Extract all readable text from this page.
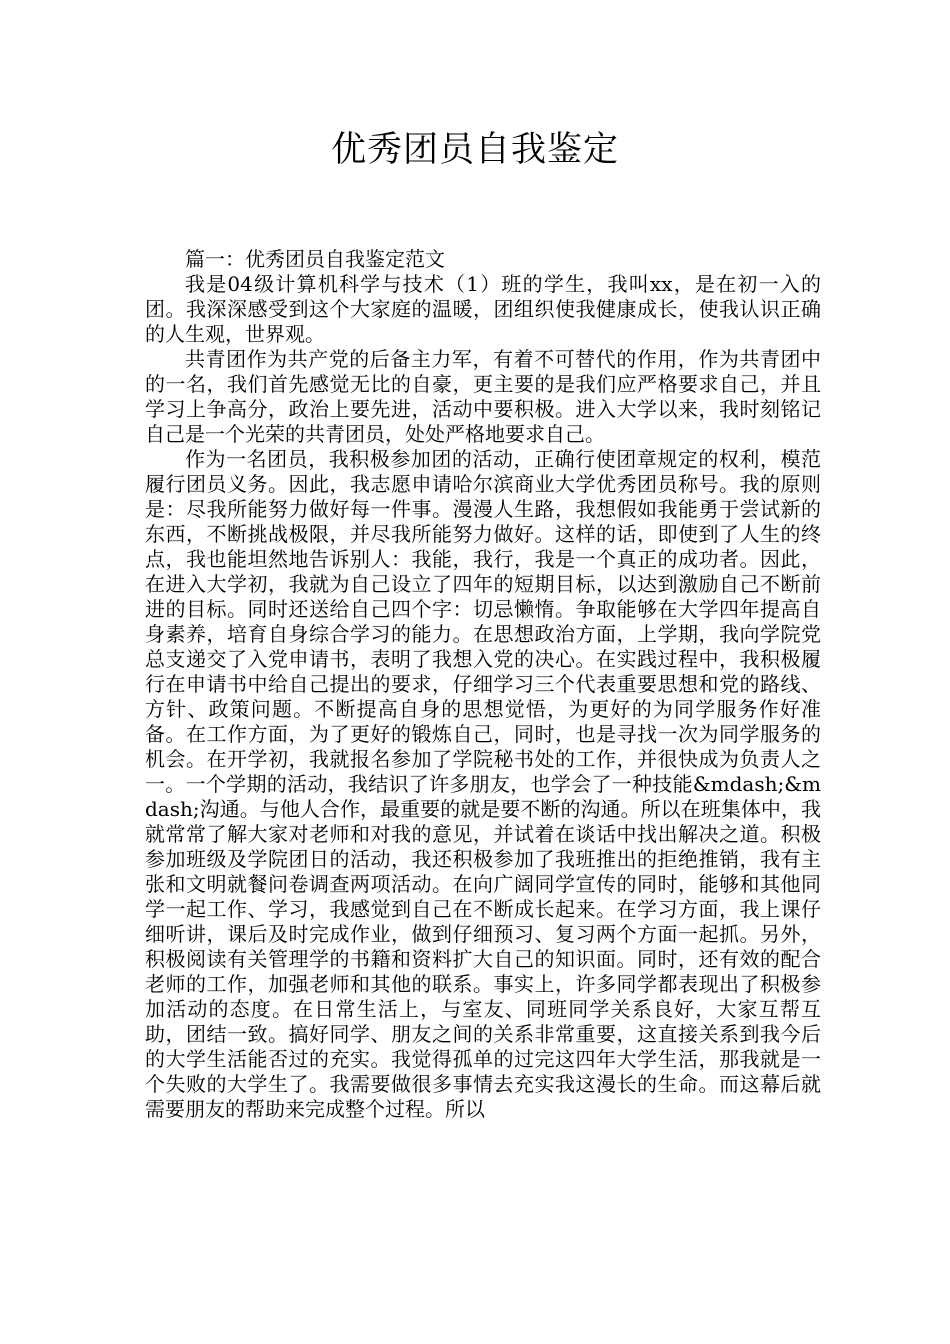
优秀团员自我鉴定

篇一：优秀团员自我鉴定范文

我是04级计算机科学与技术（1）班的学生，我叫xx，是在初一入的团。我深深感受到这个大家庭的温暖，团组织使我健康成长，使我认识正确的人生观，世界观。

共青团作为共产党的后备主力军，有着不可替代的作用，作为共青团中的一名，我们首先感觉无比的自豪，更主要的是我们应严格要求自己，并且学习上争高分，政治上要先进，活动中要积极。进入大学以来，我时刻铭记自己是一个光荣的共青团员，处处严格地要求自己。

作为一名团员，我积极参加团的活动，正确行使团章规定的权利，模范履行团员义务。因此，我志愿申请哈尔滨商业大学优秀团员称号。我的原则是：尽我所能努力做好每一件事。漫漫人生路，我想假如我能勇于尝试新的东西，不断挑战极限，并尽我所能努力做好。这样的话，即使到了人生的终点，我也能坦然地告诉别人：我能，我行，我是一个真正的成功者。因此，在进入大学初，我就为自己设立了四年的短期目标，以达到激励自己不断前进的目标。同时还送给自己四个字：切忌懒惰。争取能够在大学四年提高自身素养，培育自身综合学习的能力。在思想政治方面，上学期，我向学院党总支递交了入党申请书，表明了我想入党的决心。在实践过程中，我积极履行在申请书中给自己提出的要求，仔细学习三个代表重要思想和党的路线、方针、政策问题。不断提高自身的思想觉悟，为更好的为同学服务作好准备。在工作方面，为了更好的锻炼自己，同时，也是寻找一次为同学服务的机会。在开学初，我就报名参加了学院秘书处的工作，并很快成为负责人之一。一个学期的活动，我结识了许多朋友，也学会了一种技能&mdash;&mdash;沟通。与他人合作，最重要的就是要不断的沟通。所以在班集体中，我就常常了解大家对老师和对我的意见，并试着在谈话中找出解决之道。积极参加班级及学院团日的活动，我还积极参加了我班推出的拒绝推销，我有主张和文明就餐问卷调查两项活动。在向广阔同学宣传的同时，能够和其他同学一起工作、学习，我感觉到自己在不断成长起来。在学习方面，我上课仔细听讲，课后及时完成作业，做到仔细预习、复习两个方面一起抓。另外，积极阅读有关管理学的书籍和资料扩大自己的知识面。同时，还有效的配合老师的工作，加强老师和其他的联系。事实上，许多同学都表现出了积极参加活动的态度。在日常生活上，与室友、同班同学关系良好，大家互帮互助，团结一致。搞好同学、朋友之间的关系非常重要，这直接关系到我今后的大学生活能否过的充实。我觉得孤单的过完这四年大学生活，那我就是一个失败的大学生了。我需要做很多事情去充实我这漫长的生命。而这幕后就需要朋友的帮助来完成整个过程。所以
